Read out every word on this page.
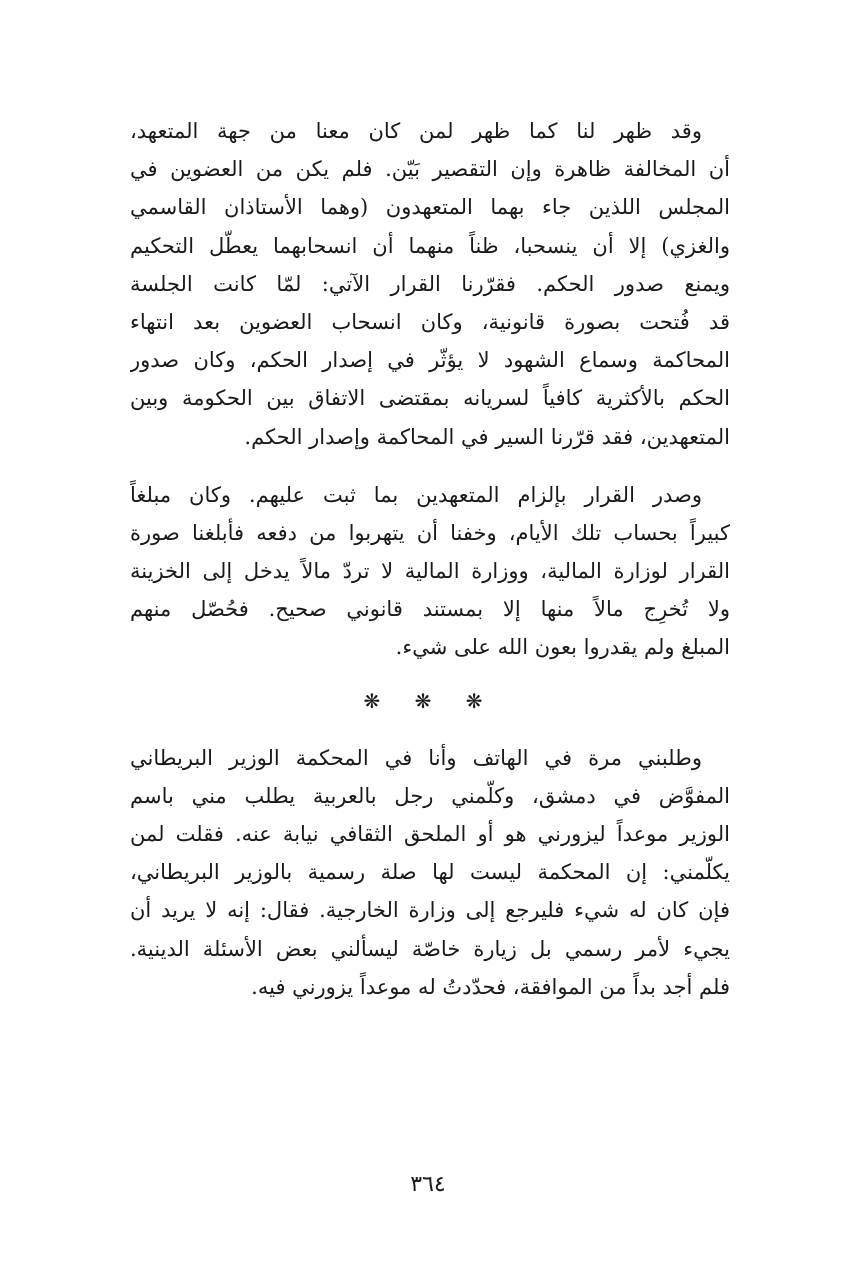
وقد ظهر لنا كما ظهر لمن كان معنا من جهة المتعهد،
أن المخالفة ظاهرة وإن التقصير بَيّن. فلم يكن من العضوين في
المجلس اللذين جاء بهما المتعهدون (وهما الأستاذان القاسمي
والغزي) إلا أن ينسحبا، ظناً منهما أن انسحابهما يعطّل التحكيم
ويمنع صدور الحكم. فقرّرنا القرار الآتي: لمّا كانت الجلسة
قد فُتحت بصورة قانونية، وكان انسحاب العضوين بعد انتهاء
المحاكمة وسماع الشهود لا يؤثّر في إصدار الحكم، وكان صدور
الحكم بالأكثرية كافياً لسريانه بمقتضى الاتفاق بين الحكومة وبين
المتعهدين، فقد قرّرنا السير في المحاكمة وإصدار الحكم.
وصدر القرار بإلزام المتعهدين بما ثبت عليهم. وكان مبلغاً
كبيراً بحساب تلك الأيام، وخفنا أن يتهربوا من دفعه فأبلغنا صورة
القرار لوزارة المالية، ووزارة المالية لا تردّ مالاً يدخل إلى الخزينة
ولا تُخرِج مالاً منها إلا بمستند قانوني صحيح. فحُصّل منهم
المبلغ ولم يقدروا بعون الله على شيء.
❋ ❋ ❋
وطلبني مرة في الهاتف وأنا في المحكمة الوزير البريطاني
المفوَّض في دمشق، وكلّمني رجل بالعربية يطلب مني باسم
الوزير موعداً ليزورني هو أو الملحق الثقافي نيابة عنه. فقلت لمن
يكلّمني: إن المحكمة ليست لها صلة رسمية بالوزير البريطاني،
فإن كان له شيء فليرجع إلى وزارة الخارجية. فقال: إنه لا يريد أن
يجيء لأمر رسمي بل زيارة خاصّة ليسألني بعض الأسئلة الدينية.
فلم أجد بداً من الموافقة، فحدّدتُ له موعداً يزورني فيه.
٣٦٤
